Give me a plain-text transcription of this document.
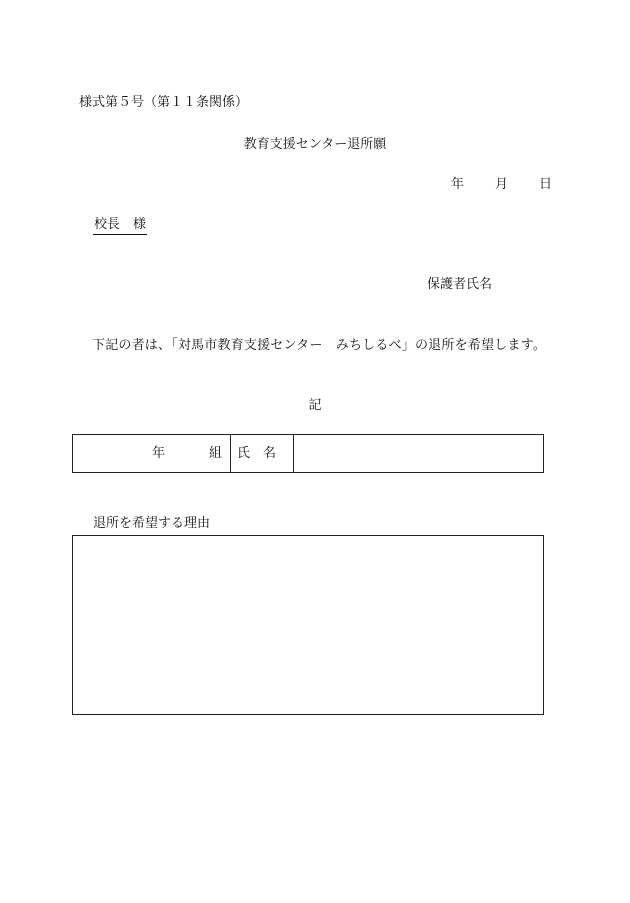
様式第５号（第１１条関係）
教育支援センター退所願
年 月 日
校長　様
保護者氏名
下記の者は、「対馬市教育支援センター　みちしるべ」の退所を希望します。
記
年	組 氏　名
退所を希望する理由
